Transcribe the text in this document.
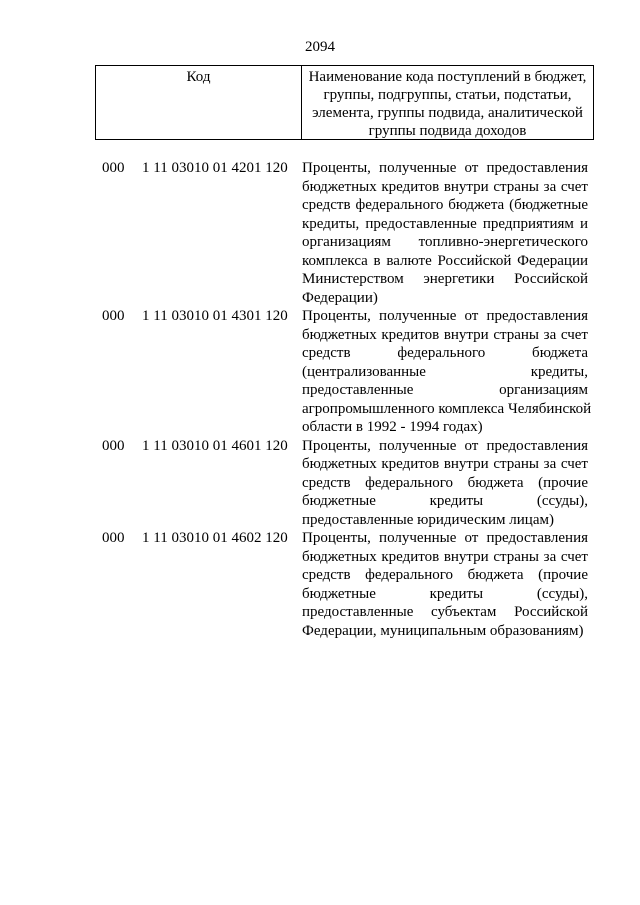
2094
Код	Наименование кода поступлений в бюджет,
группы, подгруппы, статьи, подстатьи,
элемента, группы подвида, аналитической
группы подвида доходов
000 1 11 03010 01 4201 120 Проценты, полученные от предоставления
бюджетных кредитов внутри страны за счет
средств федерального бюджета (бюджетные
кредиты, предоставленные предприятиям и
организациям топливно-энергетического
комплекса в валюте Российской Федерации
Министерством энергетики Российской
Федерации)
000 1 11 03010 01 4301 120 Проценты, полученные от предоставления
бюджетных кредитов внутри страны за счет
средств федерального бюджета
(централизованные кредиты,
предоставленные организациям
агропромышленного комплекса Челябинской
области в 1992 - 1994 годах)
000 1 11 03010 01 4601 120 Проценты, полученные от предоставления
бюджетных кредитов внутри страны за счет
средств федерального бюджета (прочие
бюджетные кредиты (ссуды),
предоставленные юридическим лицам)
000 1 11 03010 01 4602 120 Проценты, полученные от предоставления
бюджетных кредитов внутри страны за счет
средств федерального бюджета (прочие
бюджетные кредиты (ссуды),
предоставленные субъектам Российской
Федерации, муниципальным образованиям)
